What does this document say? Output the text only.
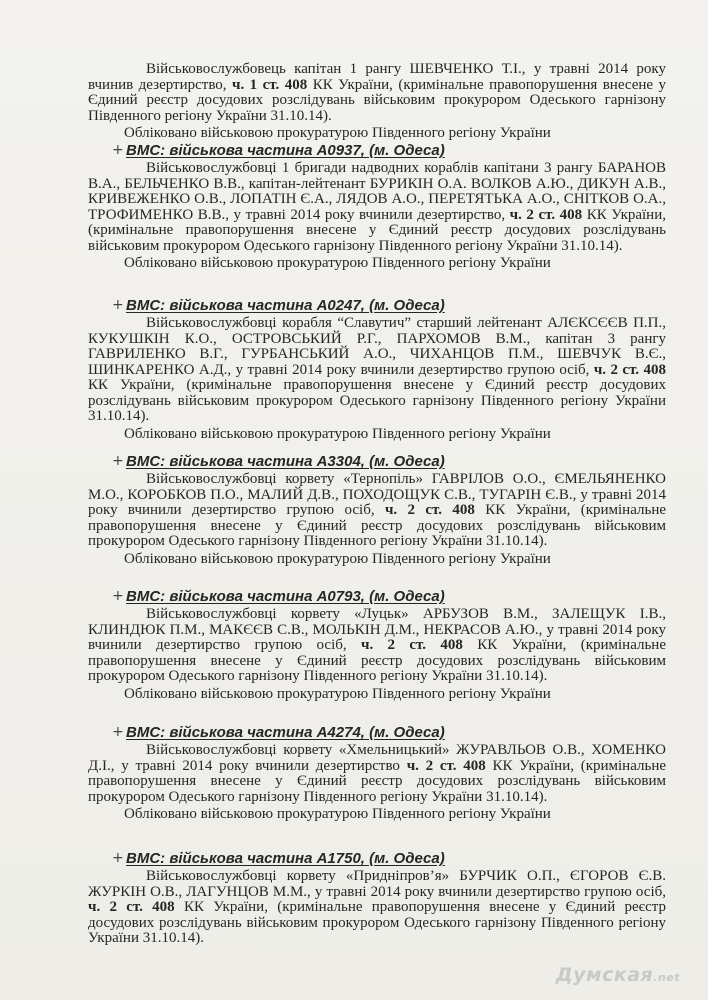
Військовослужбовець капітан 1 рангу ШЕВЧЕНКО Т.І., у травні 2014 року вчинив дезертирство, ч. 1 ст. 408 КК України, (кримінальне правопорушення внесене у Єдиний реєстр досудових розслідувань військовим прокурором Одеського гарнізону Південного регіону України 31.10.14).

Обліковано військовою прокуратурою Південного регіону України
+ ВМС: військова частина А0937, (м. Одеса)

Військовослужбовці 1 бригади надводних кораблів капітани 3 рангу БАРАНОВ В.А., БЕЛЬЧЕНКО В.В., капітан-лейтенант БУРИКІН О.А. ВОЛКОВ А.Ю., ДИКУН А.В., КРИВЕЖЕНКО О.В., ЛОПАТІН Є.А., ЛЯДОВ А.О., ПЕРЕТЯТЬКА А.О., СНІТКОВ О.А., ТРОФИМЕНКО В.В., у травні 2014 року вчинили дезертирство, ч. 2 ст. 408 КК України, (кримінальне правопорушення внесене у Єдиний реєстр досудових розслідувань військовим прокурором Одеського гарнізону Південного регіону України 31.10.14).

Обліковано військовою прокуратурою Південного регіону України
+ ВМС: військова частина А0247, (м. Одеса)

Військовослужбовці корабля “Славутич” старший лейтенант АЛЄКСЄЄВ П.П., КУКУШКІН К.О., ОСТРОВСЬКИЙ Р.Г., ПАРХОМОВ В.М., капітан 3 рангу ГАВРИЛЕНКО В.Г., ГУРБАНСЬКИЙ А.О., ЧИХАНЦОВ П.М., ШЕВЧУК В.Є., ШИНКАРЕНКО А.Д., у травні 2014 року вчинили дезертирство групою осіб, ч. 2 ст. 408 КК України, (кримінальне правопорушення внесене у Єдиний реєстр досудових розслідувань військовим прокурором Одеського гарнізону Південного регіону України 31.10.14).

Обліковано військовою прокуратурою Південного регіону України
+ ВМС: військова частина А3304, (м. Одеса)

Військовослужбовці корвету «Тернопіль» ГАВРІЛОВ О.О., ЄМЕЛЬЯНЕНКО М.О., КОРОБКОВ П.О., МАЛИЙ Д.В., ПОХОДОЩУК С.В., ТУГАРІН Є.В., у травні 2014 року вчинили дезертирство групою осіб, ч. 2 ст. 408 КК України, (кримінальне правопорушення внесене у Єдиний реєстр досудових розслідувань військовим прокурором Одеського гарнізону Південного регіону України 31.10.14).

Обліковано військовою прокуратурою Південного регіону України
+ ВМС: військова частина А0793, (м. Одеса)

Військовослужбовці корвету «Луцьк» АРБУЗОВ В.М., ЗАЛЕЩУК І.В., КЛИНДЮК П.М., МАКЄЄВ С.В., МОЛЬКІН Д.М., НЕКРАСОВ А.Ю., у травні 2014 року вчинили дезертирство групою осіб, ч. 2 ст. 408 КК України, (кримінальне правопорушення внесене у Єдиний реєстр досудових розслідувань військовим прокурором Одеського гарнізону Південного регіону України 31.10.14).

Обліковано військовою прокуратурою Південного регіону України
+ ВМС: військова частина А4274, (м. Одеса)

Військовослужбовці корвету «Хмельницький» ЖУРАВЛЬОВ О.В., ХОМЕНКО Д.І., у травні 2014 року вчинили дезертирство ч. 2 ст. 408 КК України, (кримінальне правопорушення внесене у Єдиний реєстр досудових розслідувань військовим прокурором Одеського гарнізону Південного регіону України 31.10.14).

Обліковано військовою прокуратурою Південного регіону України
+ ВМС: військова частина А1750, (м. Одеса)

Військовослужбовці корвету «Придніпров’я» БУРЧИК О.П., ЄГОРОВ Є.В. ЖУРКІН О.В., ЛАГУНЦОВ М.М., у травні 2014 року вчинили дезертирство групою осіб, ч. 2 ст. 408 КК України, (кримінальне правопорушення внесене у Єдиний реєстр досудових розслідувань військовим прокурором Одеського гарнізону Південного регіону України 31.10.14).

Думская.net
